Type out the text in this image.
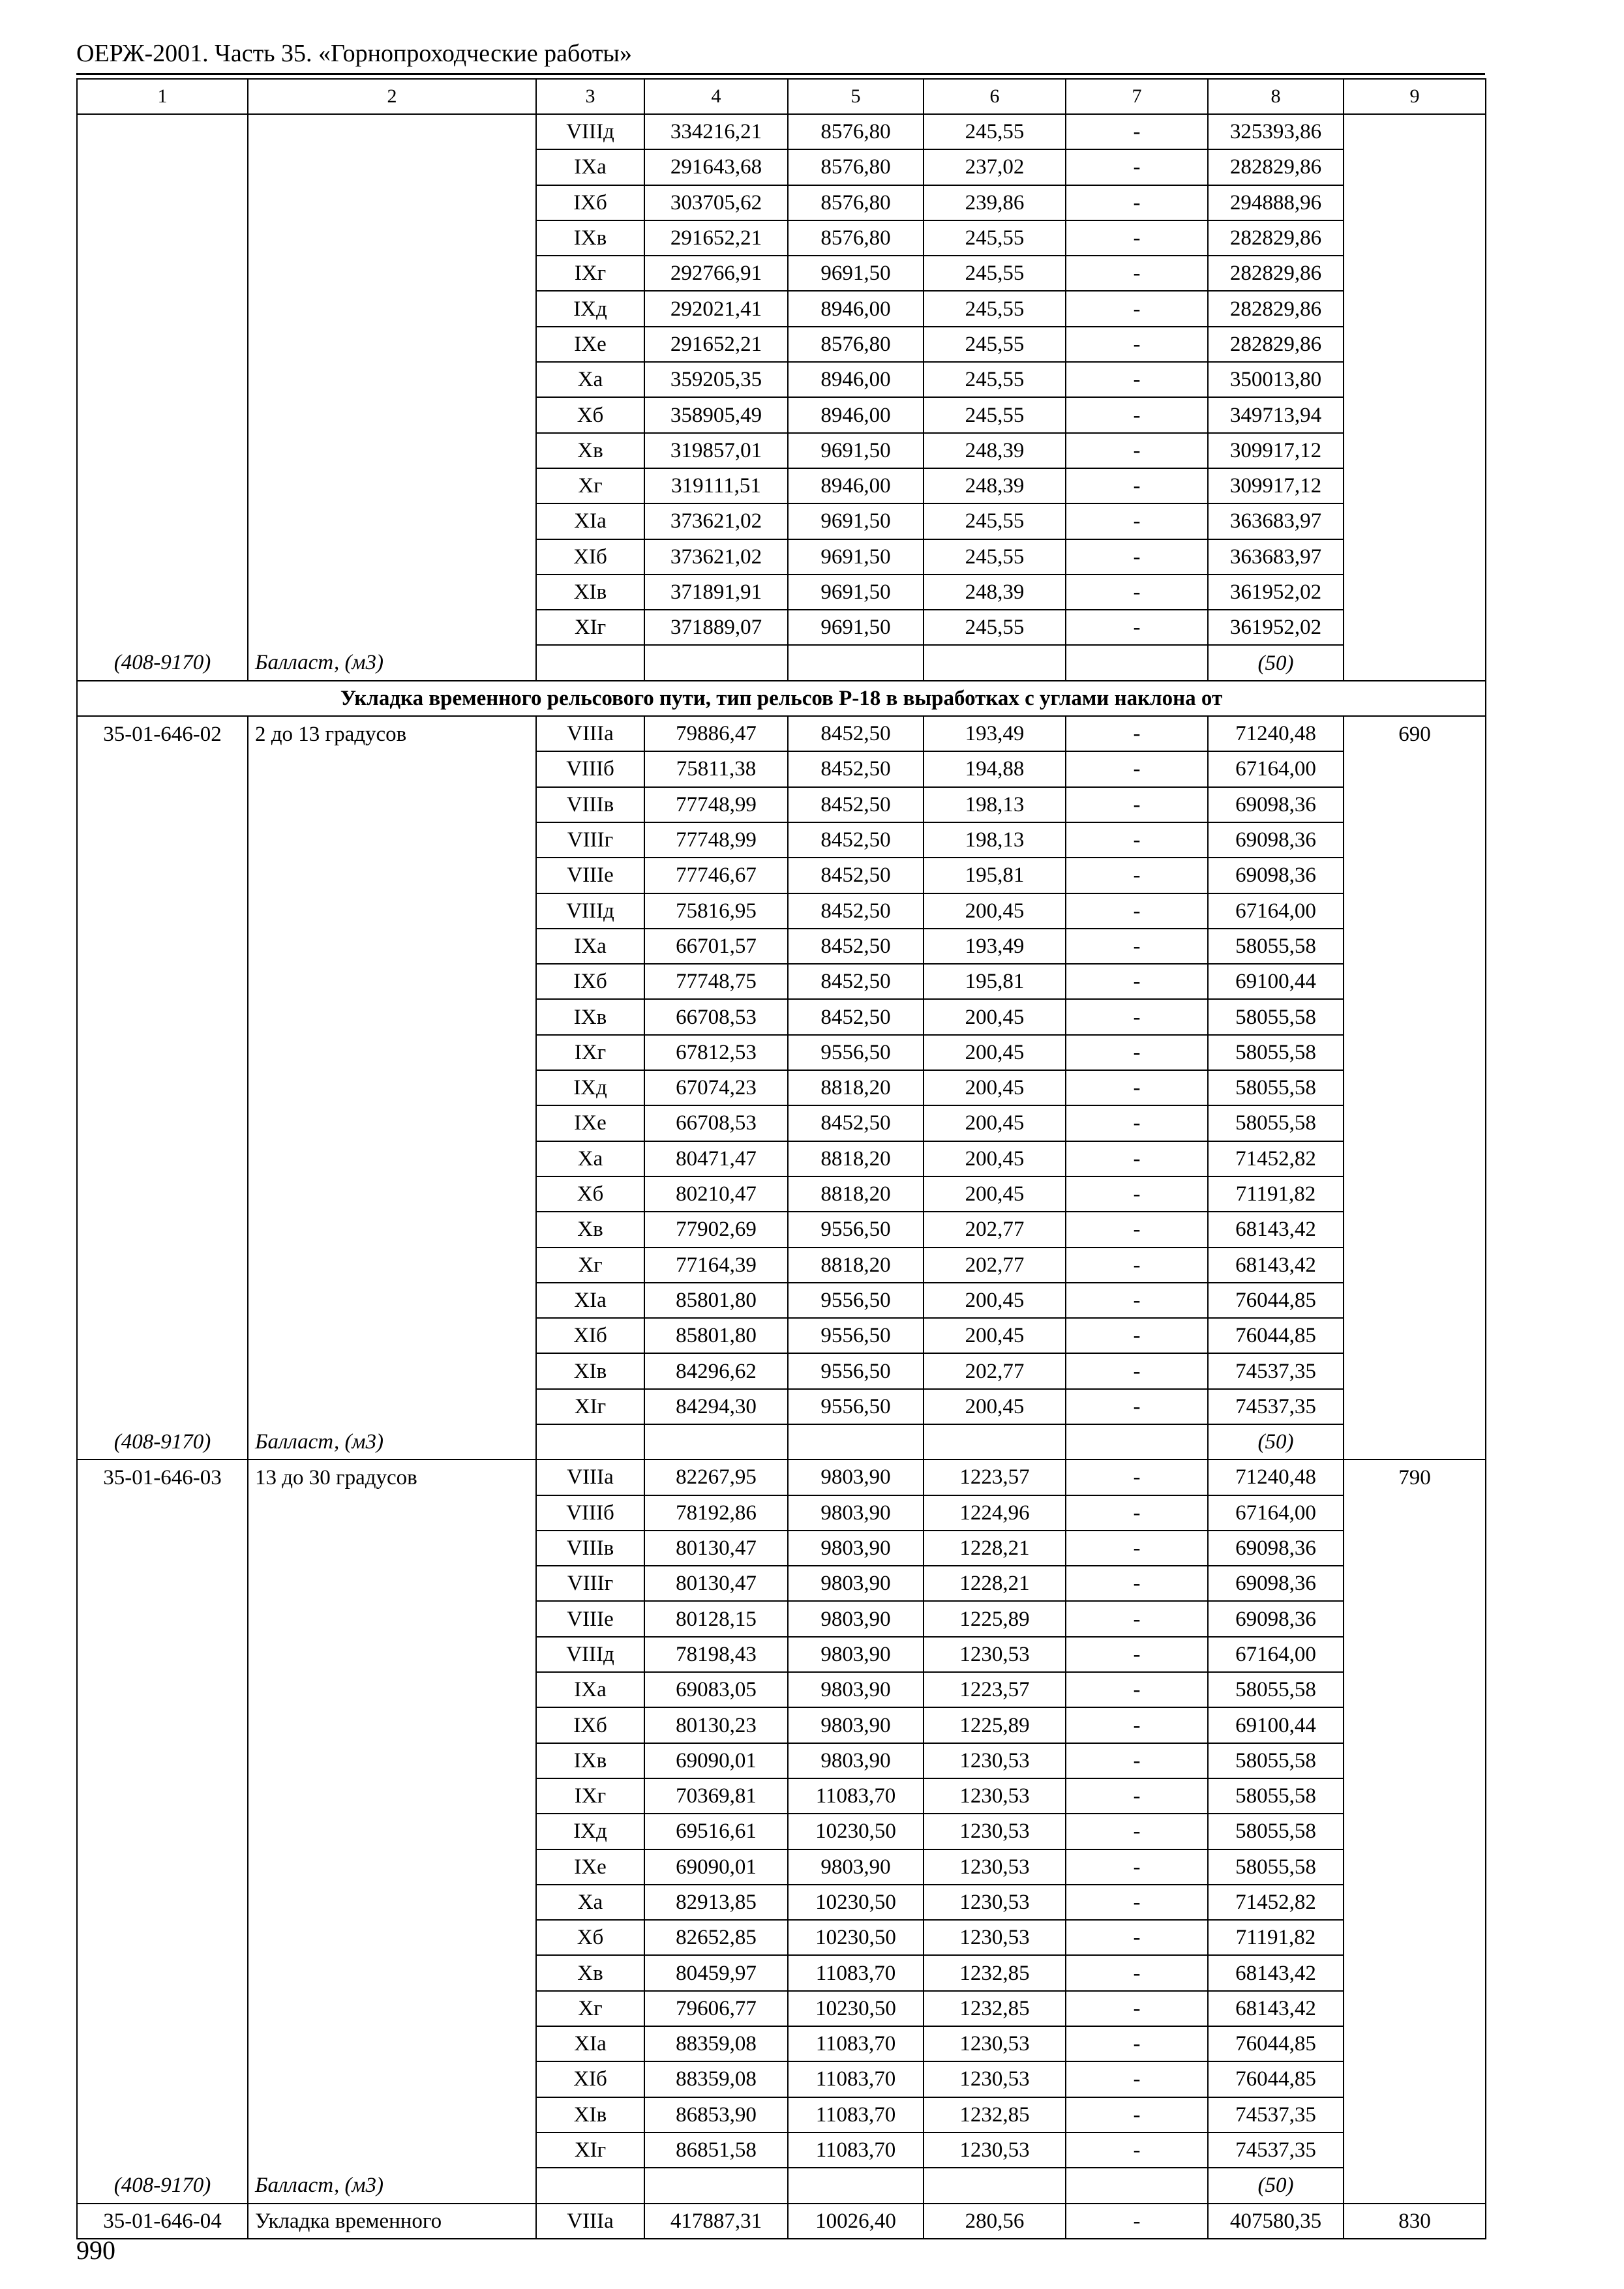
ОЕРЖ-2001. Часть 35. «Горнопроходческие работы»
1	2	3	4	5	6	7	8	9
		VIIIд	334216,21	8576,80	245,55	-	325393,86	
		IXа	291643,68	8576,80	237,02	-	282829,86	
		IXб	303705,62	8576,80	239,86	-	294888,96	
		IXв	291652,21	8576,80	245,55	-	282829,86	
		IXг	292766,91	9691,50	245,55	-	282829,86	
		IXд	292021,41	8946,00	245,55	-	282829,86	
		IXе	291652,21	8576,80	245,55	-	282829,86	
		Xа	359205,35	8946,00	245,55	-	350013,80	
		Xб	358905,49	8946,00	245,55	-	349713,94	
		Xв	319857,01	9691,50	248,39	-	309917,12	
		Xг	319111,51	8946,00	248,39	-	309917,12	
		XIа	373621,02	9691,50	245,55	-	363683,97	
		XIб	373621,02	9691,50	245,55	-	363683,97	
		XIв	371891,91	9691,50	248,39	-	361952,02	
		XIг	371889,07	9691,50	245,55	-	361952,02	
(408-9170)	Балласт, (м3)						(50)	
Укладка временного рельсового пути, тип рельсов Р-18 в выработках с углами наклона от								
35-01-646-02	2 до 13 градусов	VIIIа	79886,47	8452,50	193,49	-	71240,48	690
		VIIIб	75811,38	8452,50	194,88	-	67164,00	
		VIIIв	77748,99	8452,50	198,13	-	69098,36	
		VIIIг	77748,99	8452,50	198,13	-	69098,36	
		VIIIе	77746,67	8452,50	195,81	-	69098,36	
		VIIIд	75816,95	8452,50	200,45	-	67164,00	
		IXа	66701,57	8452,50	193,49	-	58055,58	
		IXб	77748,75	8452,50	195,81	-	69100,44	
		IXв	66708,53	8452,50	200,45	-	58055,58	
		IXг	67812,53	9556,50	200,45	-	58055,58	
		IXд	67074,23	8818,20	200,45	-	58055,58	
		IXе	66708,53	8452,50	200,45	-	58055,58	
		Xа	80471,47	8818,20	200,45	-	71452,82	
		Xб	80210,47	8818,20	200,45	-	71191,82	
		Xв	77902,69	9556,50	202,77	-	68143,42	
		Xг	77164,39	8818,20	202,77	-	68143,42	
		XIа	85801,80	9556,50	200,45	-	76044,85	
		XIб	85801,80	9556,50	200,45	-	76044,85	
		XIв	84296,62	9556,50	202,77	-	74537,35	
		XIг	84294,30	9556,50	200,45	-	74537,35	
(408-9170)	Балласт, (м3)						(50)	
35-01-646-03	13 до 30 градусов	VIIIа	82267,95	9803,90	1223,57	-	71240,48	790
		VIIIб	78192,86	9803,90	1224,96	-	67164,00	
		VIIIв	80130,47	9803,90	1228,21	-	69098,36	
		VIIIг	80130,47	9803,90	1228,21	-	69098,36	
		VIIIе	80128,15	9803,90	1225,89	-	69098,36	
		VIIIд	78198,43	9803,90	1230,53	-	67164,00	
		IXа	69083,05	9803,90	1223,57	-	58055,58	
		IXб	80130,23	9803,90	1225,89	-	69100,44	
		IXв	69090,01	9803,90	1230,53	-	58055,58	
		IXг	70369,81	11083,70	1230,53	-	58055,58	
		IXд	69516,61	10230,50	1230,53	-	58055,58	
		IXе	69090,01	9803,90	1230,53	-	58055,58	
		Xа	82913,85	10230,50	1230,53	-	71452,82	
		Xб	82652,85	10230,50	1230,53	-	71191,82	
		Xв	80459,97	11083,70	1232,85	-	68143,42	
		Xг	79606,77	10230,50	1232,85	-	68143,42	
		XIа	88359,08	11083,70	1230,53	-	76044,85	
		XIб	88359,08	11083,70	1230,53	-	76044,85	
		XIв	86853,90	11083,70	1232,85	-	74537,35	
		XIг	86851,58	11083,70	1230,53	-	74537,35	
(408-9170)	Балласт, (м3)						(50)	
35-01-646-04	Укладка временного	VIIIа	417887,31	10026,40	280,56	-	407580,35	830
990
